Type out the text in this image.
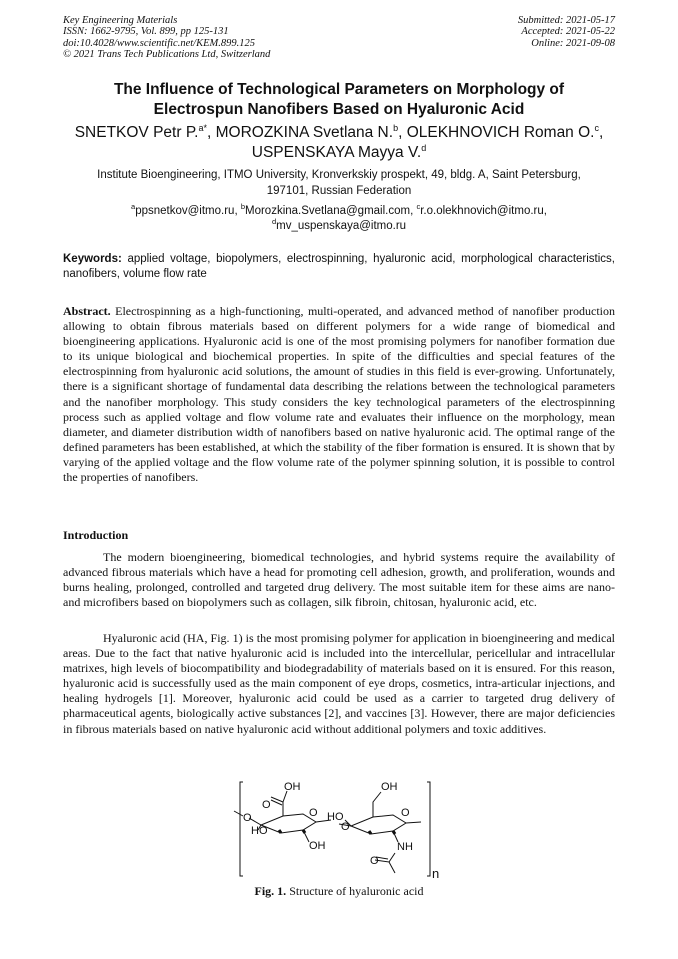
Key Engineering Materials
ISSN: 1662-9795, Vol. 899, pp 125-131
doi:10.4028/www.scientific.net/KEM.899.125
© 2021 Trans Tech Publications Ltd, Switzerland
Submitted: 2021-05-17
Accepted: 2021-05-22
Online: 2021-09-08
The Influence of Technological Parameters on Morphology of
Electrospun Nanofibers Based on Hyaluronic Acid
SNETKOV Petr P.$^{a*}$, MOROZKINA Svetlana N.$^b$, OLEKHNOVICH Roman O.$^c$,
USPENSKAYA Mayya V.$^d$
Institute Bioengineering, ITMO University, Kronverkskiy prospekt, 49, bldg. A, Saint Petersburg,
197101, Russian Federation
$^a$ppsnetkov@itmo.ru, $^b$Morozkina.Svetlana@gmail.com, $^c$r.o.olekhnovich@itmo.ru,
$^d$mv_uspenskaya@itmo.ru
Keywords: applied voltage, biopolymers, electrospinning, hyaluronic acid, morphological characteristics, nanofibers, volume flow rate
Abstract. Electrospinning as a high-functioning, multi-operated, and advanced method of nanofiber production allowing to obtain fibrous materials based on different polymers for a wide range of biomedical and bioengineering applications. Hyaluronic acid is one of the most promising polymers for nanofiber formation due to its unique biological and biochemical properties. In spite of the difficulties and special features of the electrospinning from hyaluronic acid solutions, the amount of studies in this field is ever-growing. Unfortunately, there is a significant shortage of fundamental data describing the relations between the technological parameters and the nanofiber morphology. This study considers the key technological parameters of the electrospinning process such as applied voltage and flow volume rate and evaluates their influence on the morphology, mean diameter, and diameter distribution width of nanofibers based on native hyaluronic acid. The optimal range of the defined parameters has been established, at which the stability of the fiber formation is ensured. It is shown that by varying of the applied voltage and the flow volume rate of the polymer spinning solution, it is possible to control the properties of nanofibers.
Introduction
The modern bioengineering, biomedical technologies, and hybrid systems require the availability of advanced fibrous materials which have a head for promoting cell adhesion, growth, and proliferation, wounds and burns healing, prolonged, controlled and targeted drug delivery. The most suitable item for these aims are nano- and microfibers based on biopolymers such as collagen, silk fibroin, chitosan, hyaluronic acid, etc.
Hyaluronic acid (HA, Fig. 1) is the most promising polymer for application in bioengineering and medical areas. Due to the fact that native hyaluronic acid is included into the intercellular, pericellular and intracellular matrixes, high levels of biocompatibility and biodegradability of materials based on it is ensured. For this reason, hyaluronic acid is successfully used as the main component of eye drops, cosmetics, intra-articular injections, and healing hydrogels [1]. Moreover, hyaluronic acid could be used as a carrier to targeted drug delivery of pharmaceutical agents, biologically active substances [2], and vaccines [3]. However, there are major deficiencies in fibrous materials based on native hyaluronic acid without additional polymers and toxic additives.
OH
O
O
O
HO
OH
HO
O
OH
O
NH
O
n
Fig. 1. Structure of hyaluronic acid
